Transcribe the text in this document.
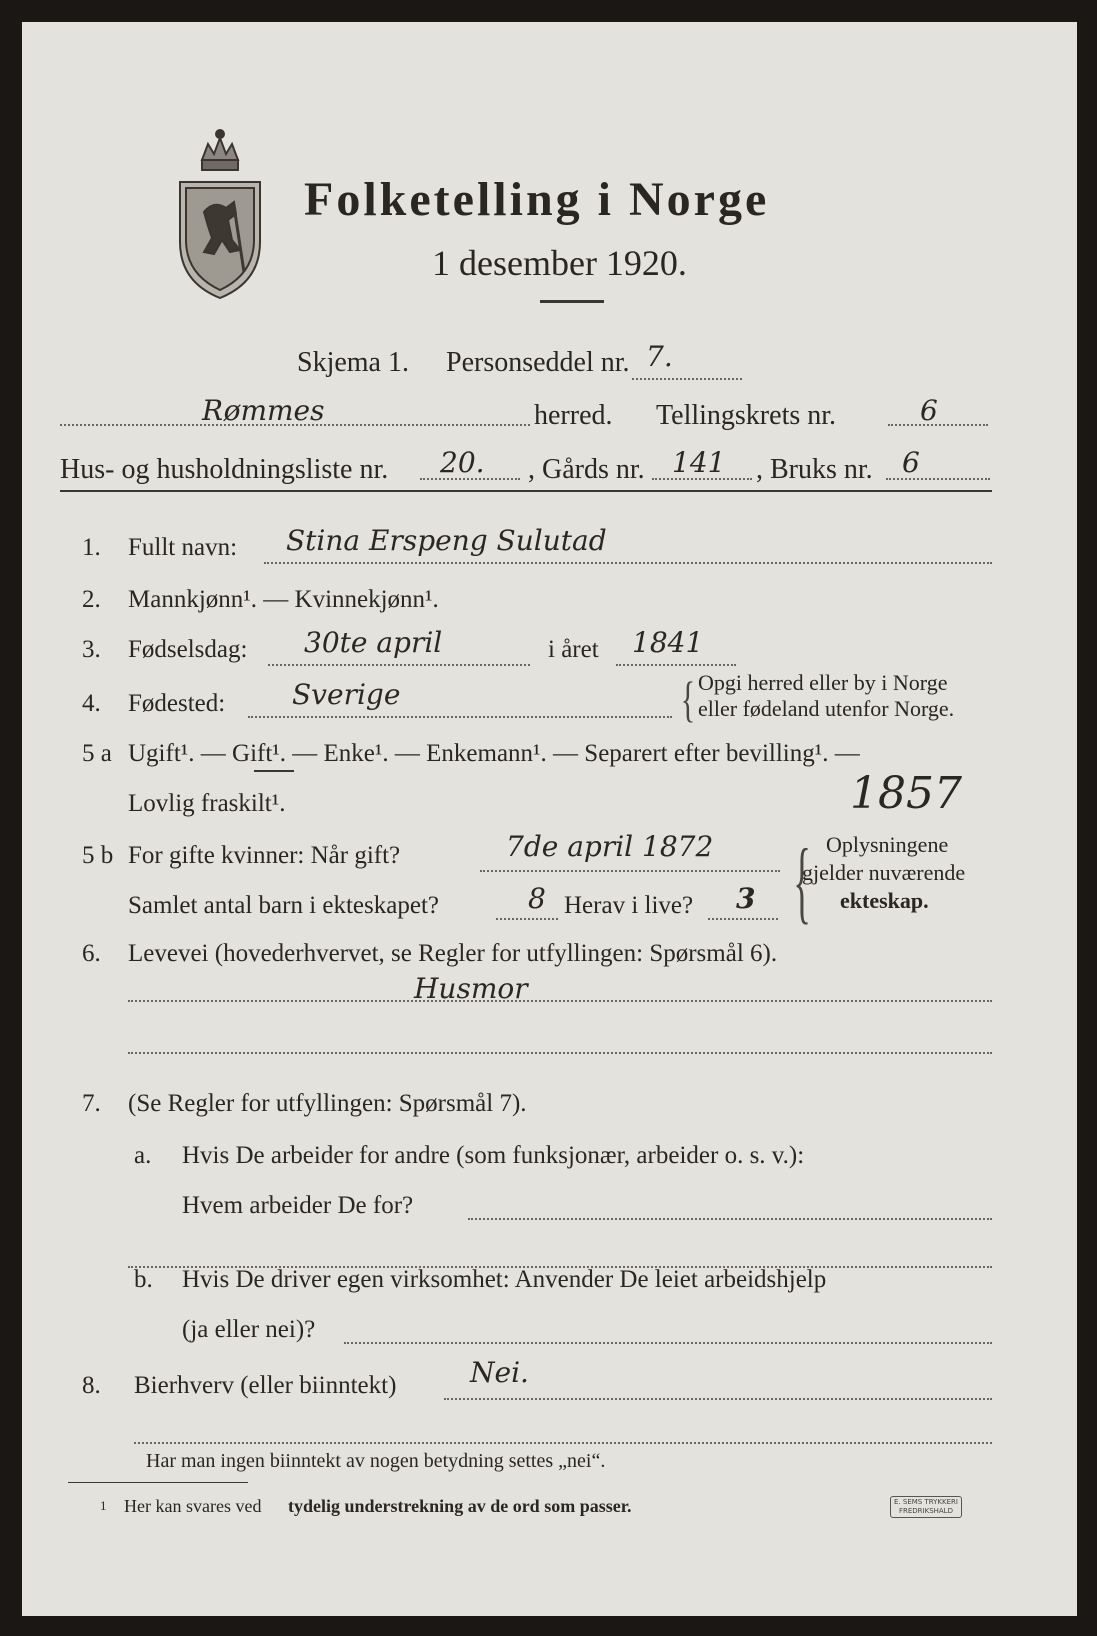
Folketelling i Norge
1 desember 1920.
Skjema 1. Personseddel nr. 7.
Rømmes	herred. Tellingskrets nr.	6
Hus- og husholdningsliste nr. 20. , Gårds nr. 141 , Bruks nr. 6
1. Fullt navn: Stina Erspeng Sulutad
2. Mannkjønn¹. — Kvinnekjønn¹.
3. Fødselsdag: 30te april	i året 1841
4. Fødested: Sverige	{ Opgi herred eller by i Norge
eller fødeland utenfor Norge.
5 a Ugift¹. — Gift¹. — Enke¹. — Enkemann¹. — Separert efter bevilling¹. —
Lovlig fraskilt¹.	1857
5 b For gifte kvinner: Når gift?	7de april 1872
Samlet antal barn i ekteskapet?	8 Herav i live? 3 { Oplysningene
gjelder nuværende
ekteskap.
6. Levevei (hovederhvervet, se Regler for utfyllingen: Spørsmål 6).
Husmor
7. (Se Regler for utfyllingen: Spørsmål 7).
a. Hvis De arbeider for andre (som funksjonær, arbeider o. s. v.):
Hvem arbeider De for?
b. Hvis De driver egen virksomhet: Anvender De leiet arbeidshjelp
(ja eller nei)?
8. Bierhverv (eller biinntekt)	Nei.
Har man ingen biinntekt av nogen betydning settes „nei“.
1 Her kan svares ved tydelig understrekning av de ord som passer.	E. SEMS TRYKKERI
FREDRIKSHALD
